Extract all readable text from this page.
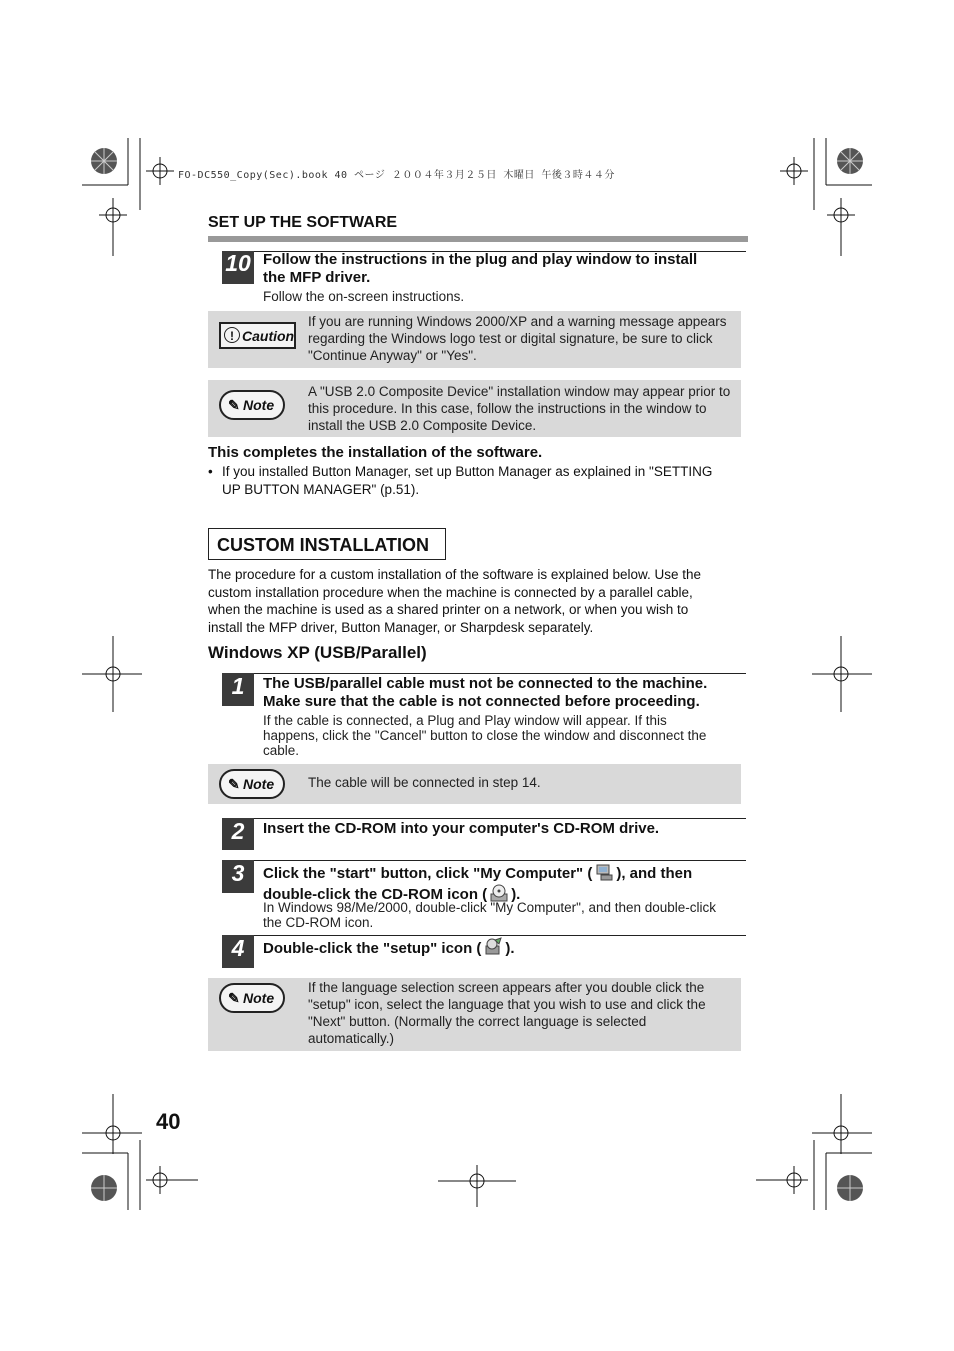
FO-DC550_Copy(Sec).book 40 ページ ２００４年３月２５日 木曜日 午後３時４４分
SET UP THE SOFTWARE
10 Follow the instructions in the plug and play window to install
the MFP driver.
Follow the on-screen instructions.
! Caution
If you are running Windows 2000/XP and a warning message appears
regarding the Windows logo test or digital signature, be sure to click
"Continue Anyway" or "Yes".
✎ Note
A "USB 2.0 Composite Device" installation window may appear prior to
this procedure. In this case, follow the instructions in the window to
install the USB 2.0 Composite Device.
This completes the installation of the software.
• If you installed Button Manager, set up Button Manager as explained in "SETTING
UP BUTTON MANAGER" (p.51).
CUSTOM INSTALLATION
The procedure for a custom installation of the software is explained below. Use the
custom installation procedure when the machine is connected by a parallel cable,
when the machine is used as a shared printer on a network, or when you wish to
install the MFP driver, Button Manager, or Sharpdesk separately.
Windows XP (USB/Parallel)
1	The USB/parallel cable must not be connected to the machine.
Make sure that the cable is not connected before proceeding.
If the cable is connected, a Plug and Play window will appear. If this
happens, click the "Cancel" button to close the window and disconnect the
cable.
✎ Note	The cable will be connected in step 14.
2	Insert the CD-ROM into your computer's CD-ROM drive.
3	Click the "start" button, click "My Computer" ( ), and then
double-click the CD-ROM icon ( ).
In Windows 98/Me/2000, double-click "My Computer", and then double-click
the CD-ROM icon.
4	Double-click the "setup" icon ( ).
✎ Note
If the language selection screen appears after you double click the
"setup" icon, select the language that you wish to use and click the
"Next" button. (Normally the correct language is selected
automatically.)
40
